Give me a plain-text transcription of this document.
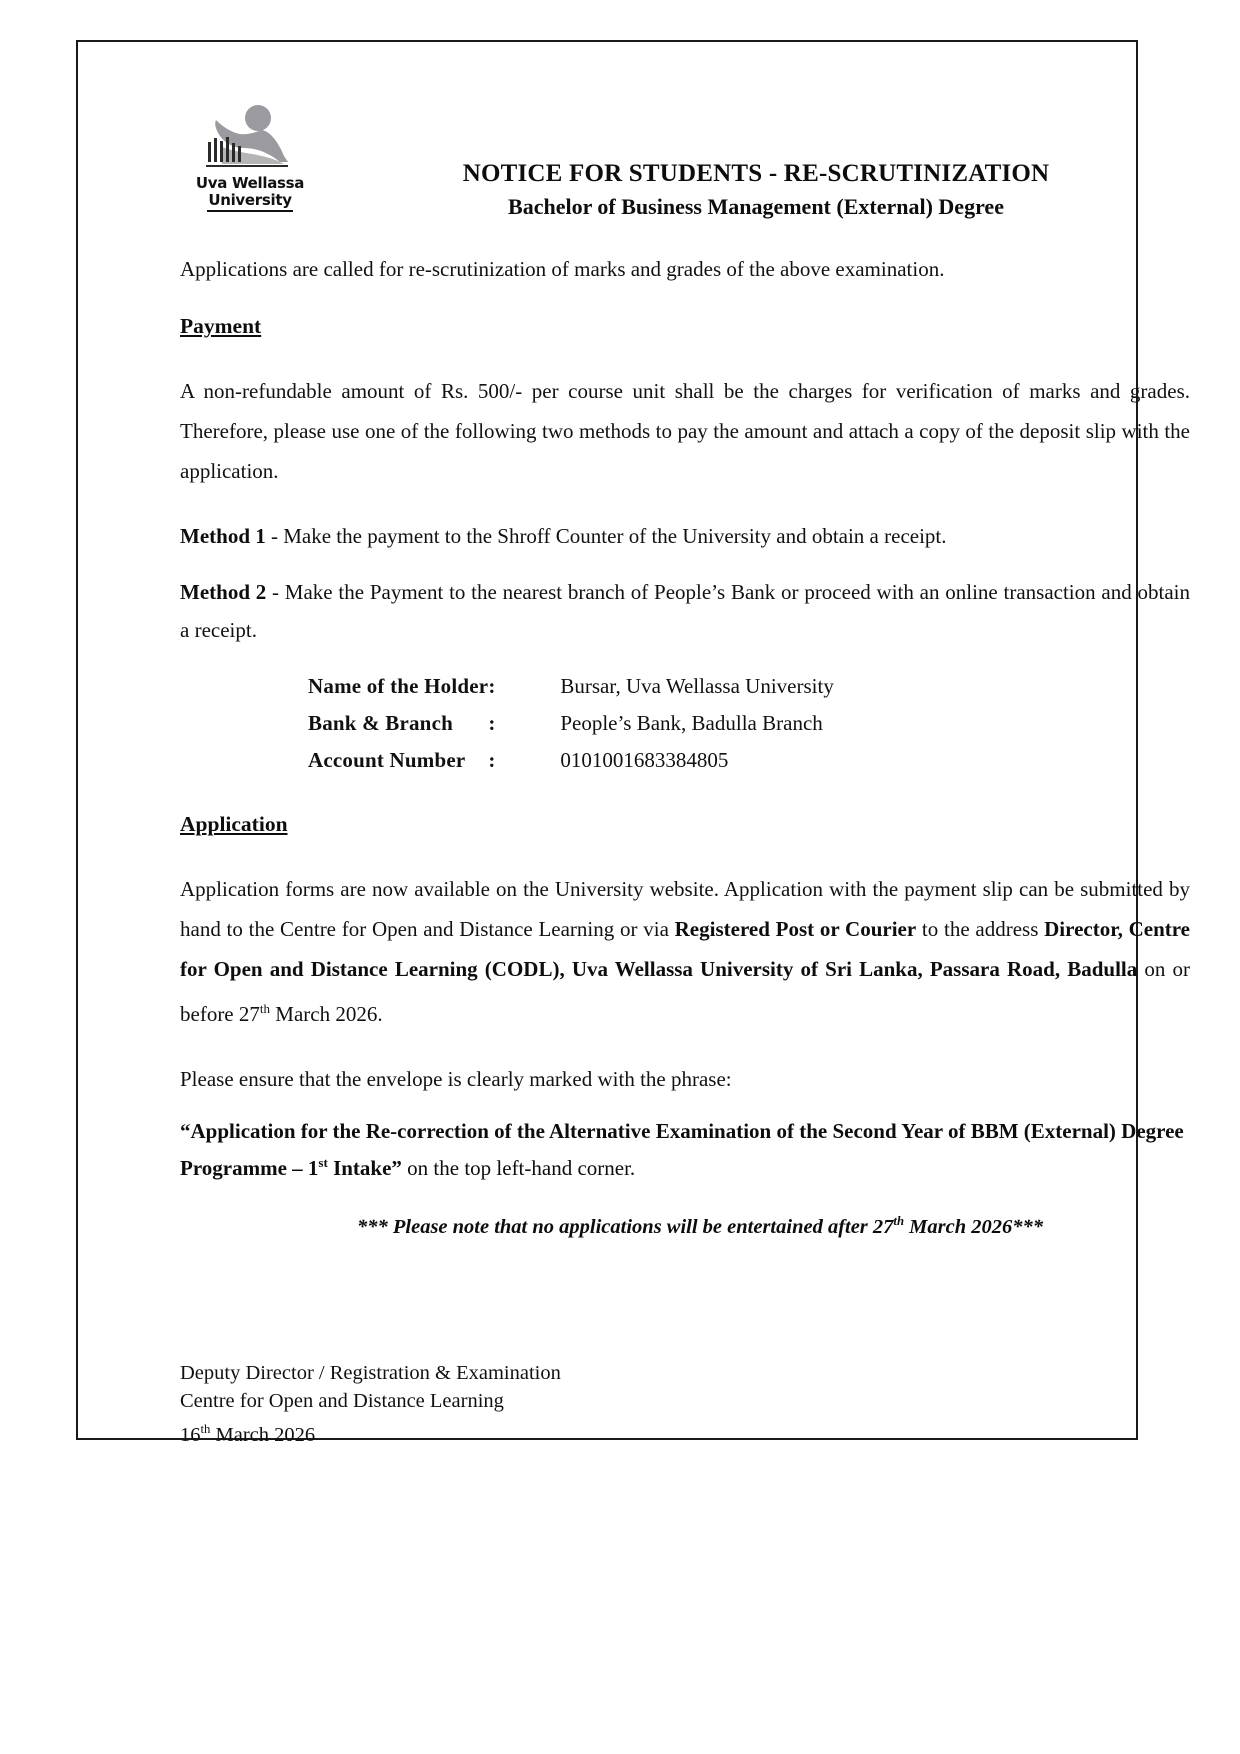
Uva Wellassa
University
NOTICE FOR STUDENTS - RE-SCRUTINIZATION
Bachelor of Business Management (External) Degree

Applications are called for re-scrutinization of marks and grades of the above examination.

Payment

A non-refundable amount of Rs. 500/- per course unit shall be the charges for verification of marks and grades. Therefore, please use one of the following two methods to pay the amount and attach a copy of the deposit slip with the application.

Method 1 - Make the payment to the Shroff Counter of the University and obtain a receipt.

Method 2 - Make the Payment to the nearest branch of People’s Bank or proceed with an online transaction and obtain a receipt.

Name of the Holder	:	Bursar, Uva Wellassa University
Bank & Branch	:	People’s Bank, Badulla Branch
Account Number	:	0101001683384805
Application

Application forms are now available on the University website. Application with the payment slip can be submitted by hand to the Centre for Open and Distance Learning or via Registered Post or Courier to the address Director, Centre for Open and Distance Learning (CODL), Uva Wellassa University of Sri Lanka, Passara Road, Badulla on or before 27th March 2026.

Please ensure that the envelope is clearly marked with the phrase:

“Application for the Re-correction of the Alternative Examination of the Second Year of BBM (External) Degree Programme – 1st Intake” on the top left-hand corner.

*** Please note that no applications will be entertained after 27th March 2026***

Deputy Director / Registration & Examination
Centre for Open and Distance Learning
16th March 2026
